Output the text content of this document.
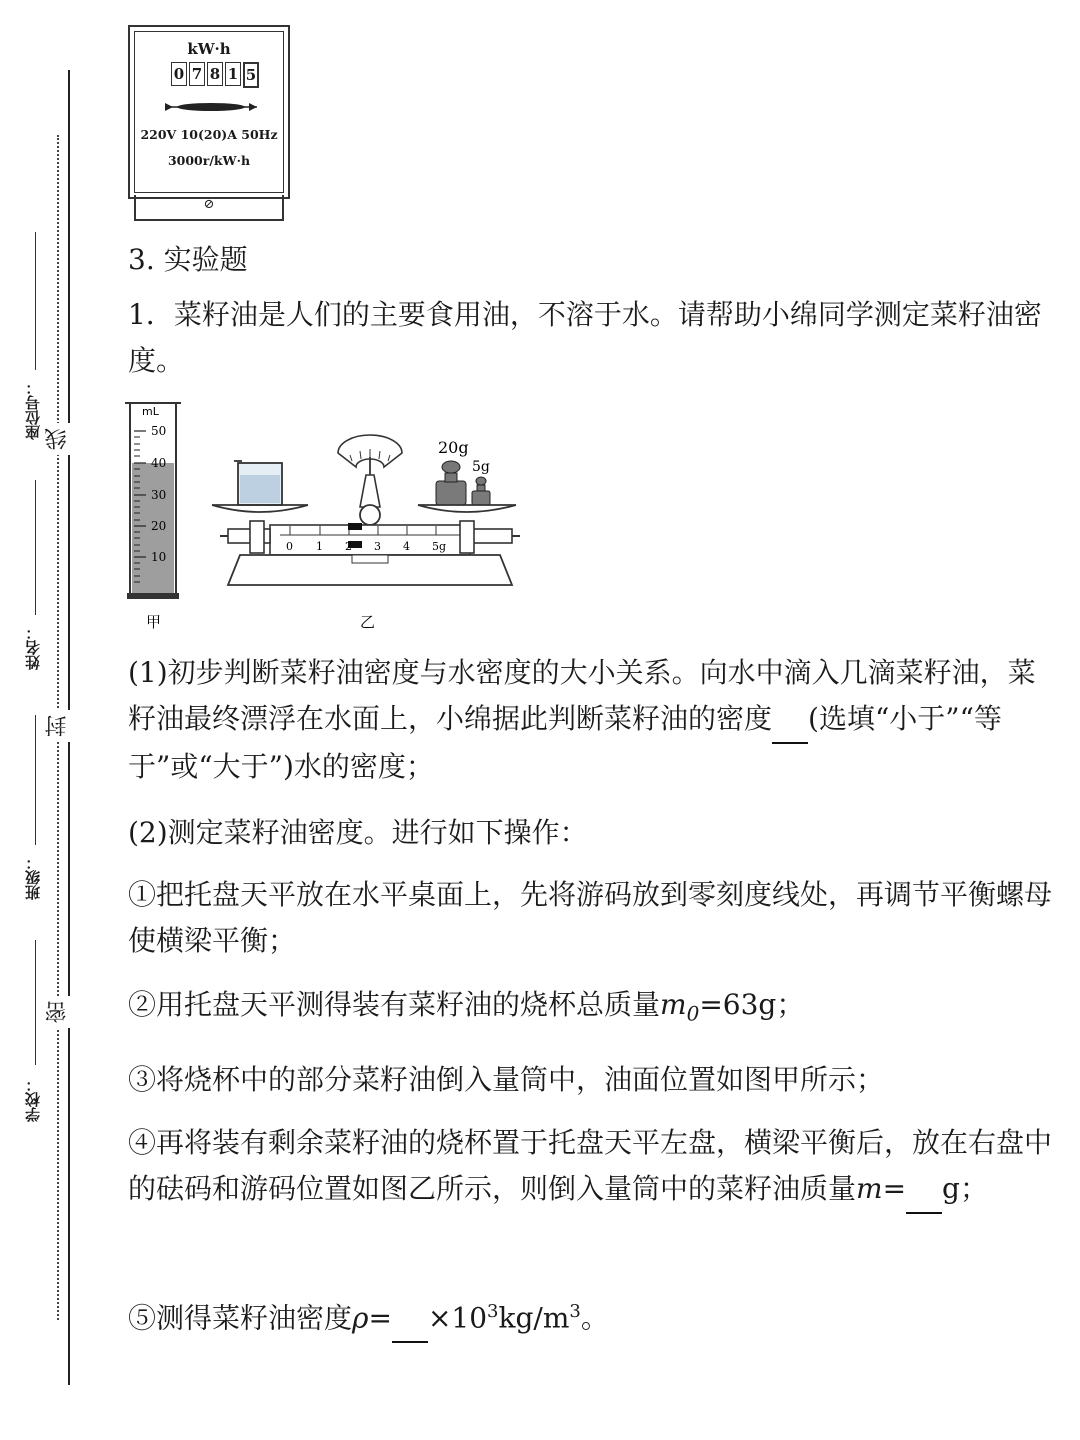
座位号：
姓名：
班级：
学校：
线
封
密
kW·h
0 7 8 1 5
220V 10(20)A 50Hz
3000r/kW·h
⊘

3. 实验题

1．菜籽油是人们的主要食用油，不溶于水。请帮助小绵同学测定菜籽油密度。

mL
50
40
30
20
10
甲
20g
5g
0 1 2 3 4 5g
乙

(1)初步判断菜籽油密度与水密度的大小关系。向水中滴入几滴菜籽油，菜籽油最终漂浮在水面上，小绵据此判断菜籽油的密度 (选填“小于”“等于”或“大于”)水的密度；

(2)测定菜籽油密度。进行如下操作：

①把托盘天平放在水平桌面上，先将游码放到零刻度线处，再调节平衡螺母使横梁平衡；

②用托盘天平测得装有菜籽油的烧杯总质量$m_0=63g$；

③将烧杯中的部分菜籽油倒入量筒中，油面位置如图甲所示；

④再将装有剩余菜籽油的烧杯置于托盘天平左盘，横梁平衡后，放在右盘中的砝码和游码位置如图乙所示，则倒入量筒中的菜籽油质量m= g；

⑤测得菜籽油密度$\rho= \times 10^3kg/m^3$。
